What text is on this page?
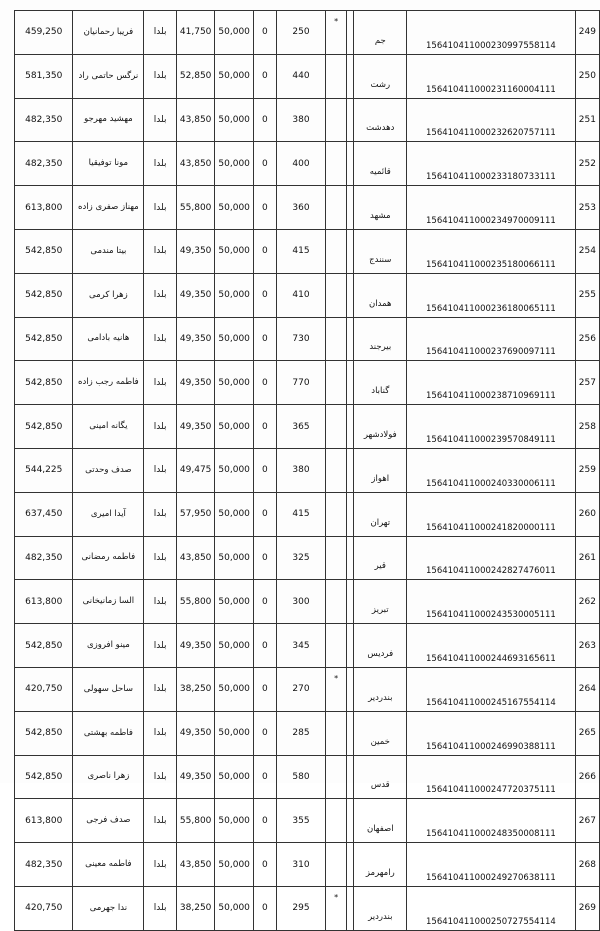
459,250	فریبا رحمانیان	بلدا	41,750	50,000	0	250	*		جم	156410411000230997558114	249
581,350	نرگس حاتمی راد	بلدا	52,850	50,000	0	440			رشت	156410411000231160004111	250
482,350	مهشید مهرجو	بلدا	43,850	50,000	0	380			دهدشت	156410411000232620757111	251
482,350	مونا توفیقیا	بلدا	43,850	50,000	0	400			قائمیه	156410411000233180733111	252
613,800	مهناز صفری زاده	بلدا	55,800	50,000	0	360			مشهد	156410411000234970009111	253
542,850	بیتا مندمی	بلدا	49,350	50,000	0	415			سنندج	156410411000235180066111	254
542,850	زهرا کرمی	بلدا	49,350	50,000	0	410			همدان	156410411000236180065111	255
542,850	هانیه بادامی	بلدا	49,350	50,000	0	730			بیرجند	156410411000237690097111	256
542,850	فاطمه رجب زاده	بلدا	49,350	50,000	0	770			گناباد	156410411000238710969111	257
542,850	یگانه امینی	بلدا	49,350	50,000	0	365			فولادشهر	156410411000239570849111	258
544,225	صدف وحدتی	بلدا	49,475	50,000	0	380			اهواز	156410411000240330006111	259
637,450	آیدا امیری	بلدا	57,950	50,000	0	415			تهران	156410411000241820000111	260
482,350	فاطمه رمضانی	بلدا	43,850	50,000	0	325			قیر	156410411000242827476011	261
613,800	السا زمانیخانی	بلدا	55,800	50,000	0	300			تبریز	156410411000243530005111	262
542,850	مینو افروزی	بلدا	49,350	50,000	0	345			فردیس	156410411000244693165611	263
420,750	ساحل سهولی	بلدا	38,250	50,000	0	270	*		بندردیر	156410411000245167554114	264
542,850	فاطمه بهشتی	بلدا	49,350	50,000	0	285			خمین	156410411000246990388111	265
542,850	زهرا ناصری	بلدا	49,350	50,000	0	580			قدس	156410411000247720375111	266
613,800	صدف فرجی	بلدا	55,800	50,000	0	355			اصفهان	156410411000248350008111	267
482,350	فاطمه معینی	بلدا	43,850	50,000	0	310			رامهرمز	156410411000249270638111	268
420,750	ندا جهرمی	بلدا	38,250	50,000	0	295	*		بندردیر	156410411000250727554114	269
